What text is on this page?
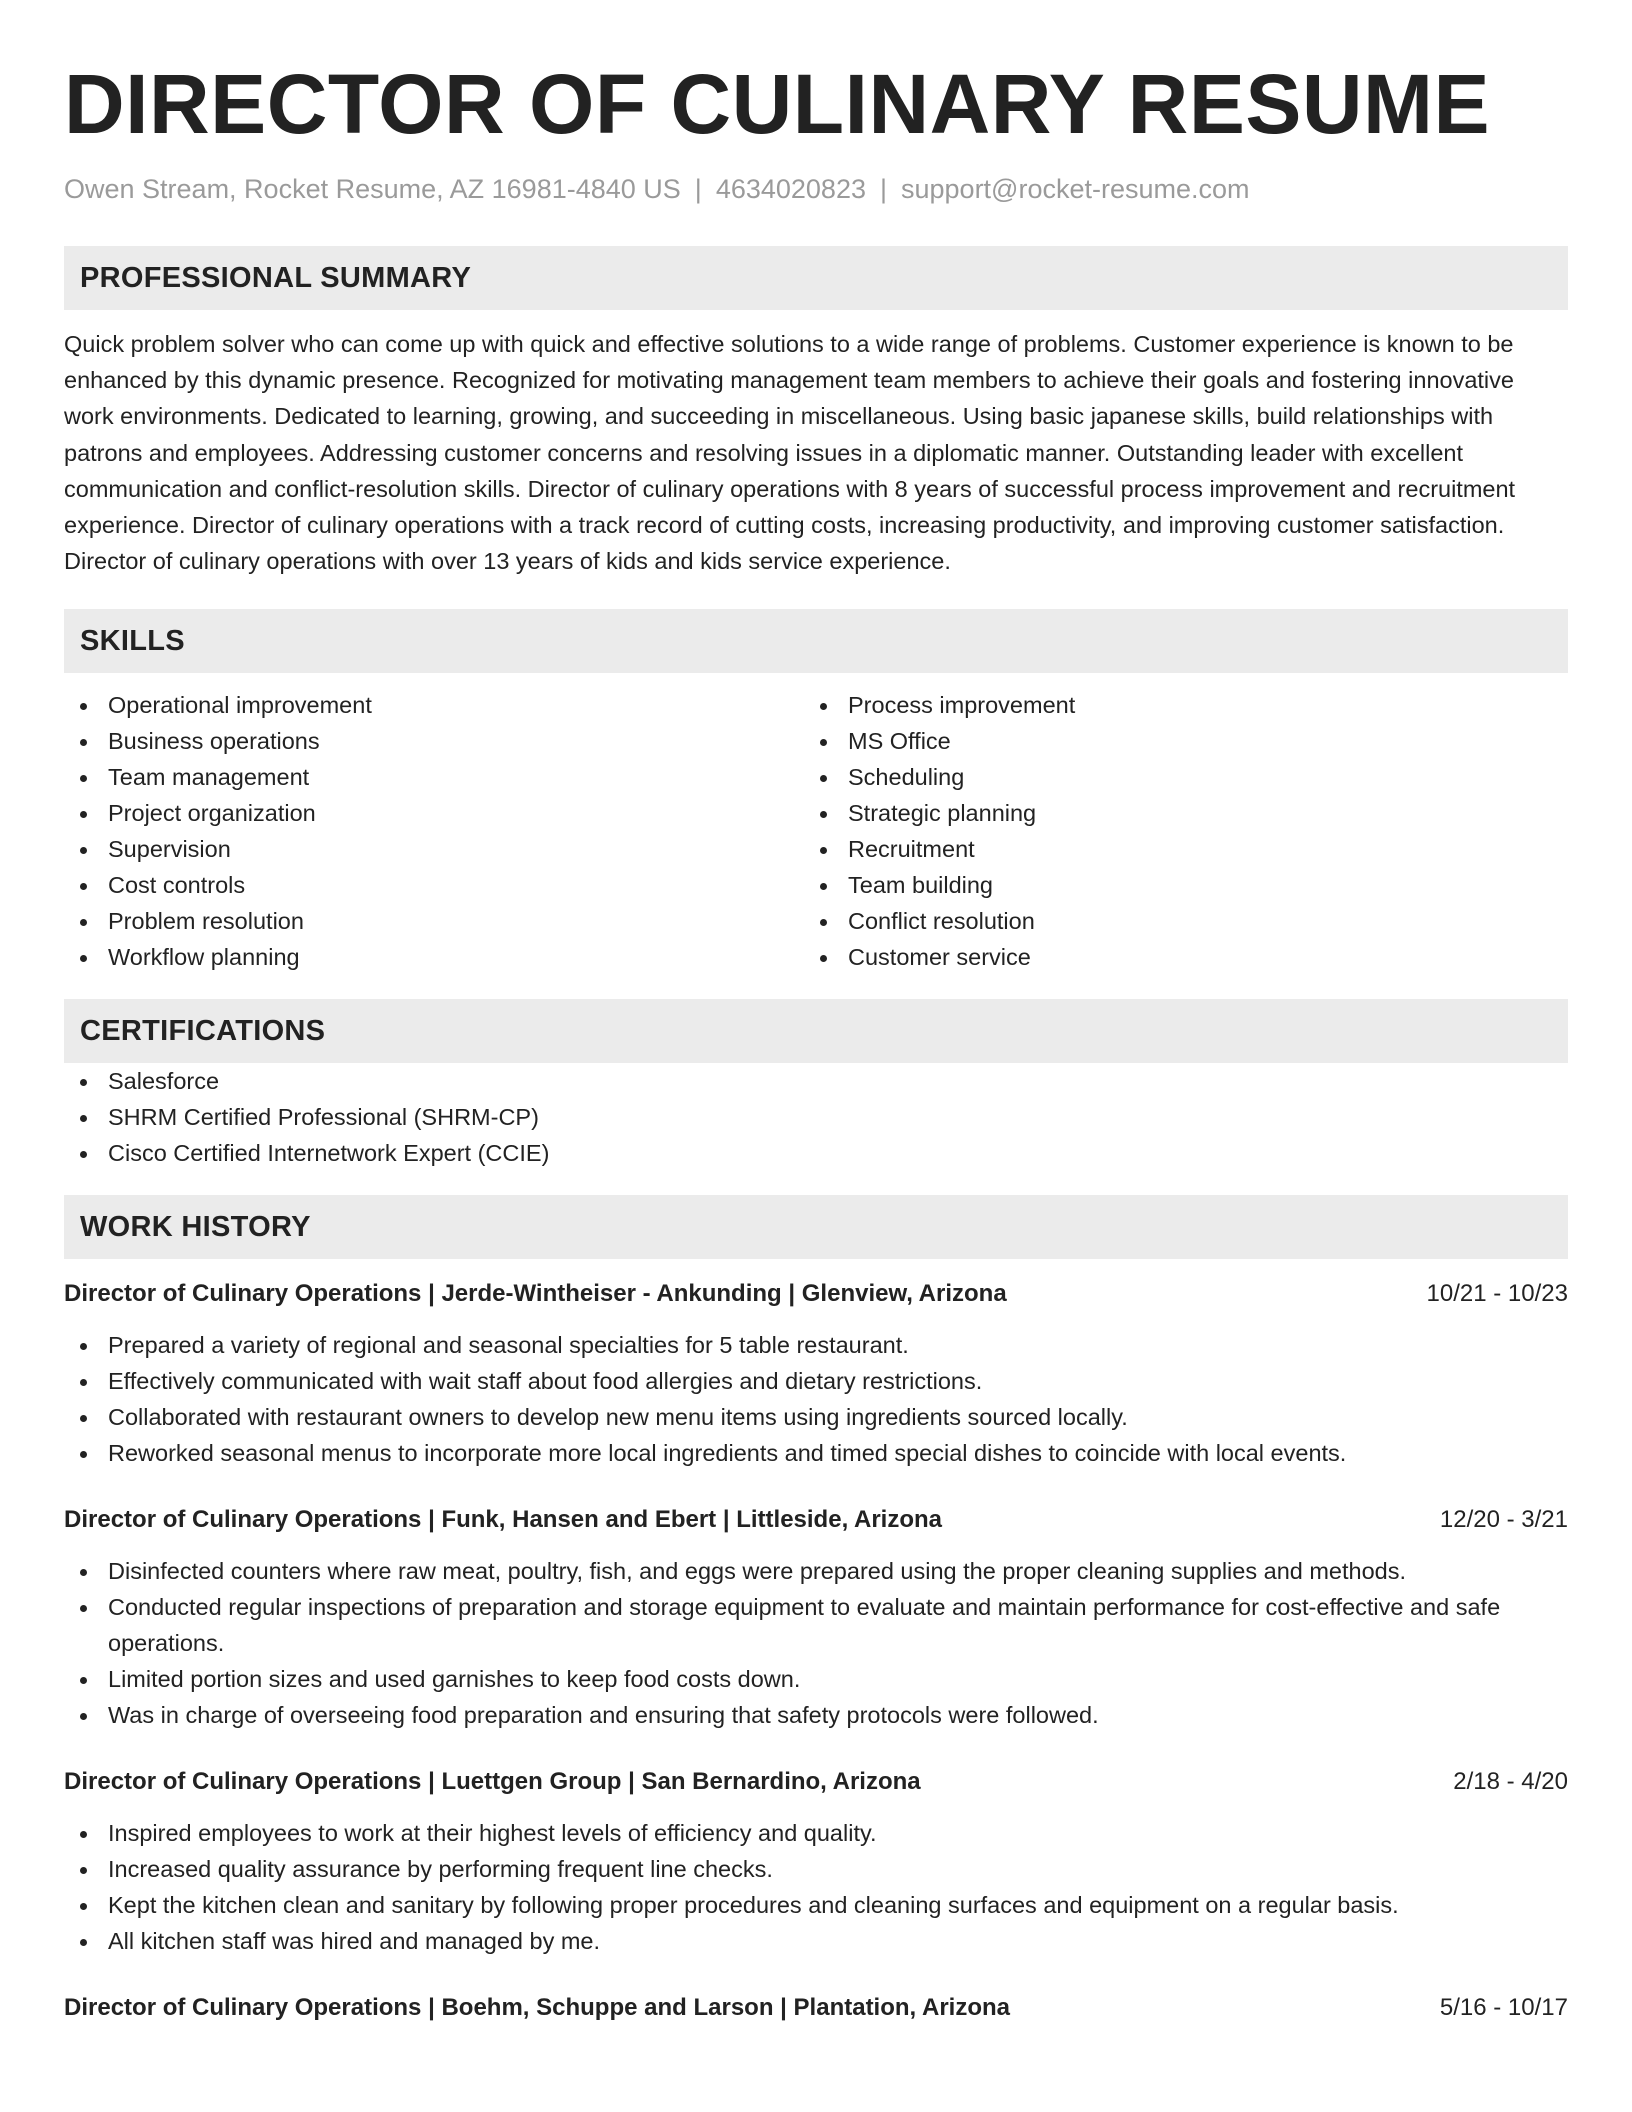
DIRECTOR OF CULINARY RESUME
Owen Stream, Rocket Resume, AZ 16981-4840 US | 4634020823 | support@rocket-resume.com
PROFESSIONAL SUMMARY
Quick problem solver who can come up with quick and effective solutions to a wide range of problems. Customer experience is known to be enhanced by this dynamic presence. Recognized for motivating management team members to achieve their goals and fostering innovative work environments. Dedicated to learning, growing, and succeeding in miscellaneous. Using basic japanese skills, build relationships with patrons and employees. Addressing customer concerns and resolving issues in a diplomatic manner. Outstanding leader with excellent communication and conflict-resolution skills. Director of culinary operations with 8 years of successful process improvement and recruitment experience. Director of culinary operations with a track record of cutting costs, increasing productivity, and improving customer satisfaction. Director of culinary operations with over 13 years of kids and kids service experience.
SKILLS
Operational improvement
Business operations
Team management
Project organization
Supervision
Cost controls
Problem resolution
Workflow planning
Process improvement
MS Office
Scheduling
Strategic planning
Recruitment
Team building
Conflict resolution
Customer service
CERTIFICATIONS
Salesforce
SHRM Certified Professional (SHRM-CP)
Cisco Certified Internetwork Expert (CCIE)
WORK HISTORY
Director of Culinary Operations | Jerde-Wintheiser - Ankunding | Glenview, Arizona	10/21 - 10/23
Prepared a variety of regional and seasonal specialties for 5 table restaurant.
Effectively communicated with wait staff about food allergies and dietary restrictions.
Collaborated with restaurant owners to develop new menu items using ingredients sourced locally.
Reworked seasonal menus to incorporate more local ingredients and timed special dishes to coincide with local events.
Director of Culinary Operations | Funk, Hansen and Ebert | Littleside, Arizona	12/20 - 3/21
Disinfected counters where raw meat, poultry, fish, and eggs were prepared using the proper cleaning supplies and methods.
Conducted regular inspections of preparation and storage equipment to evaluate and maintain performance for cost-effective and safe operations.
Limited portion sizes and used garnishes to keep food costs down.
Was in charge of overseeing food preparation and ensuring that safety protocols were followed.
Director of Culinary Operations | Luettgen Group | San Bernardino, Arizona	2/18 - 4/20
Inspired employees to work at their highest levels of efficiency and quality.
Increased quality assurance by performing frequent line checks.
Kept the kitchen clean and sanitary by following proper procedures and cleaning surfaces and equipment on a regular basis.
All kitchen staff was hired and managed by me.
Director of Culinary Operations | Boehm, Schuppe and Larson | Plantation, Arizona	5/16 - 10/17
